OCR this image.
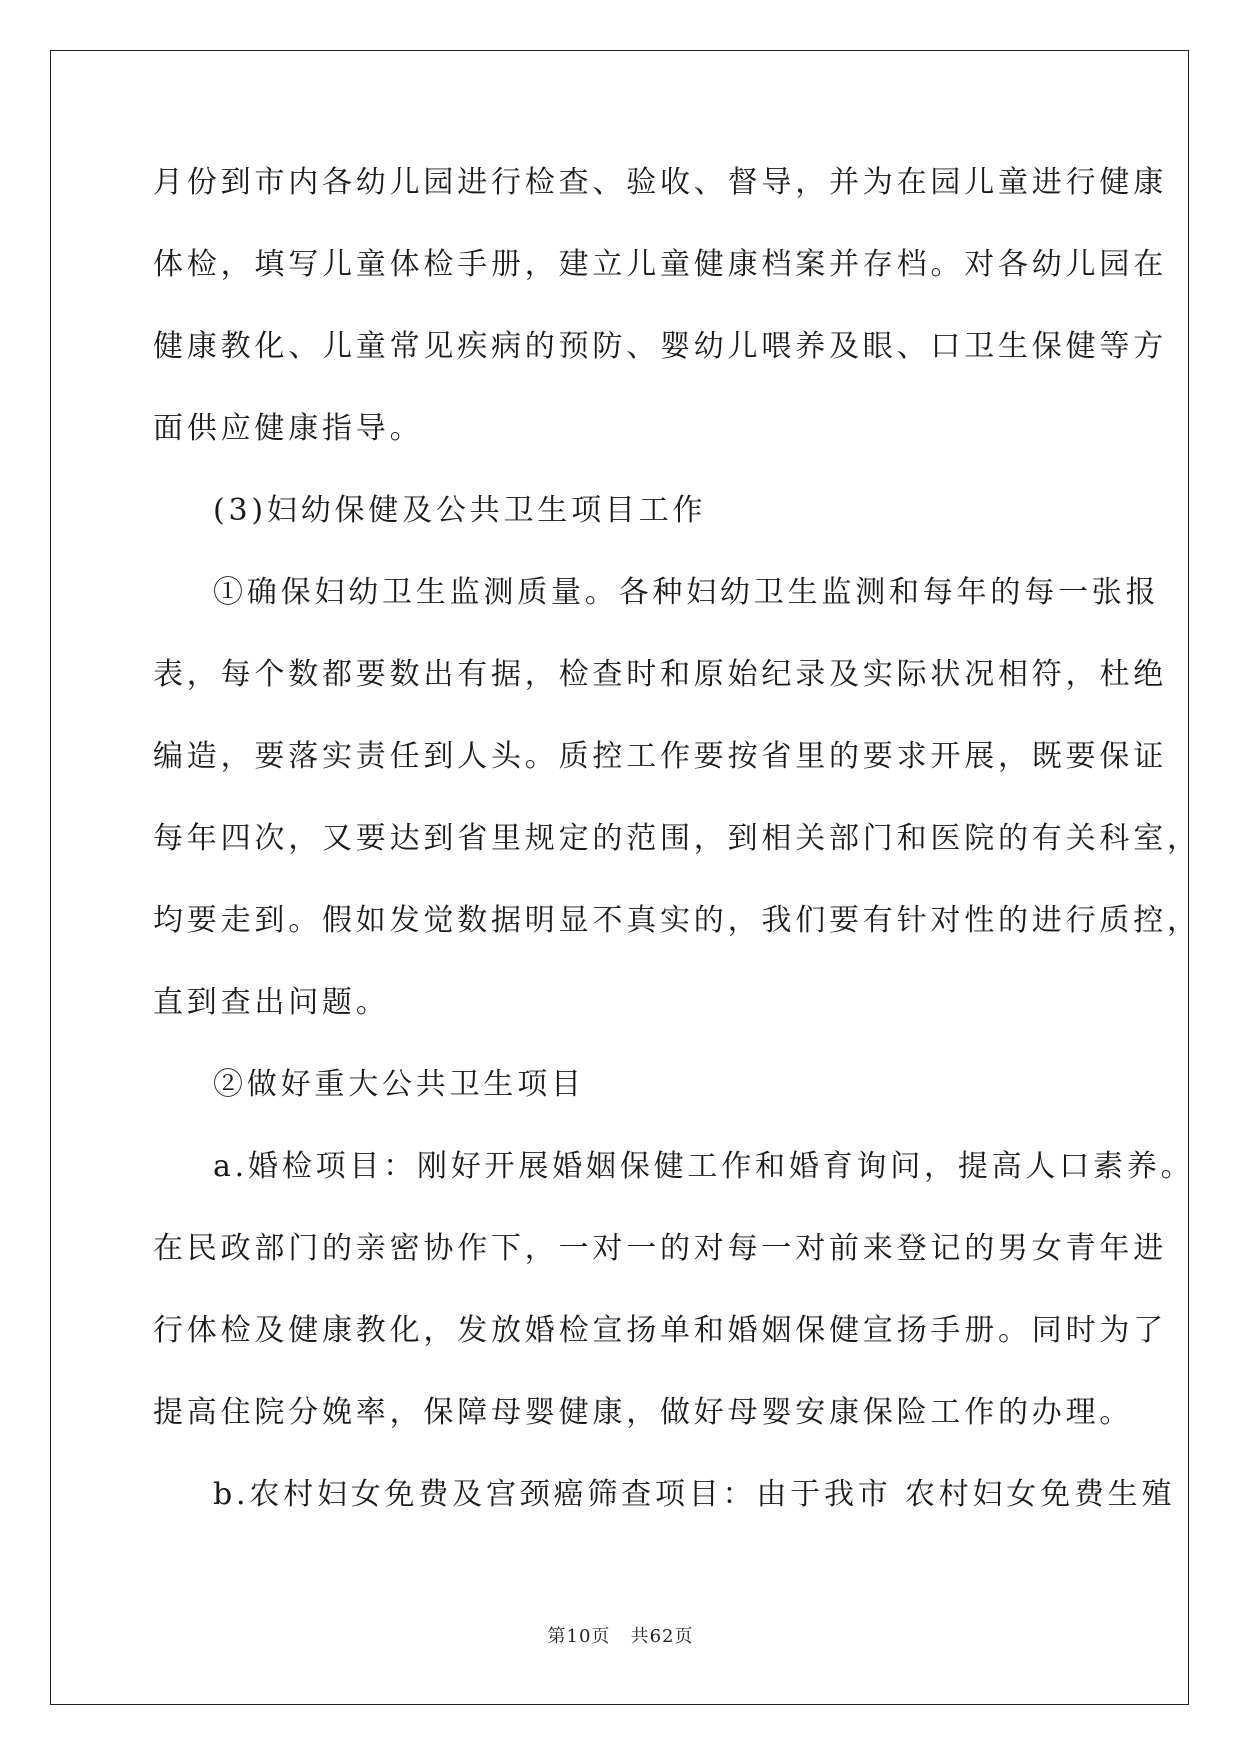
月份到市内各幼儿园进行检查、验收、督导，并为在园儿童进行健康
体检，填写儿童体检手册，建立儿童健康档案并存档。对各幼儿园在
健康教化、儿童常见疾病的预防、婴幼儿喂养及眼、口卫生保健等方
面供应健康指导。
(3)妇幼保健及公共卫生项目工作
①确保妇幼卫生监测质量。各种妇幼卫生监测和每年的每一张报
表，每个数都要数出有据，检查时和原始纪录及实际状况相符，杜绝
编造，要落实责任到人头。质控工作要按省里的要求开展，既要保证
每年四次，又要达到省里规定的范围，到相关部门和医院的有关科室，
均要走到。假如发觉数据明显不真实的，我们要有针对性的进行质控，
直到查出问题。
②做好重大公共卫生项目
a.婚检项目：刚好开展婚姻保健工作和婚育询问，提高人口素养。
在民政部门的亲密协作下，一对一的对每一对前来登记的男女青年进
行体检及健康教化，发放婚检宣扬单和婚姻保健宣扬手册。同时为了
提高住院分娩率，保障母婴健康，做好母婴安康保险工作的办理。
b.农村妇女免费及宫颈癌筛查项目：由于我市 农村妇女免费生殖
第10页 共62页
